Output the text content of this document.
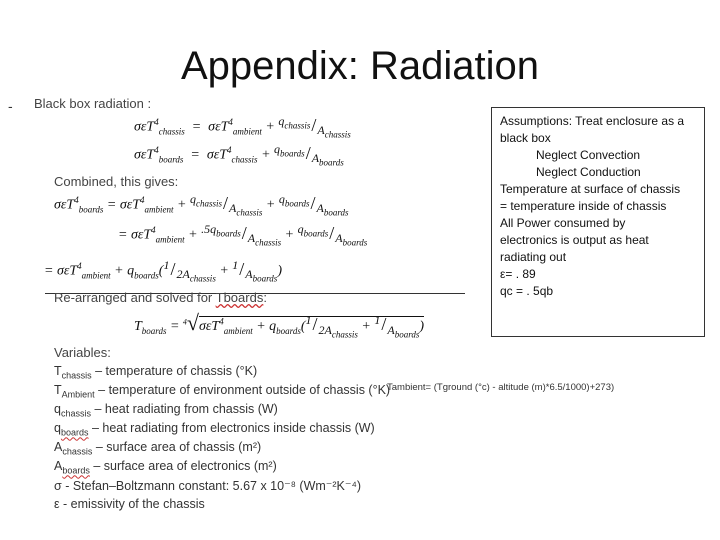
Appendix: Radiation
- Black box radiation :
$\sigma\varepsilon T^4_{chassis} = \sigma\varepsilon T^4_{ambient} + q_{chassis}/A_{chassis}$
$\sigma\varepsilon T^4_{boards} = \sigma\varepsilon T^4_{chassis} + q_{boards}/A_{boards}$
Combined, this gives:
$\sigma\varepsilon T^4_{boards} = \sigma\varepsilon T^4_{ambient} + q_{chassis}/A_{chassis} + q_{boards}/A_{boards}$
= $\sigma\varepsilon T^4_{ambient} + .5q_{boards}/A_{chassis} + q_{boards}/A_{boards}$
= $\sigma\varepsilon T^4_{ambient} + q_{boards}(1/2A_{chassis} + 1/A_{boards})$
Re-arranged and solved for Tboards:
$T_{boards} = ^4√\sigma\varepsilon T^4_{ambient} + q_{boards}(1/2A_{chassis} + 1/A_{boards})$
Variables:
$T_{chassis}$ – temperature of chassis (°K)
$T_{Ambient}$ – temperature of environment outside of chassis (°K)
Tambient= (Tground (°c) - altitude (m)*6.5/1000)+273)
$q_{chassis}$ – heat radiating from chassis (W)
$q_{boards}$ – heat radiating from electronics inside chassis (W)
$A_{chassis}$ – surface area of chassis (m²)
$A_{boards}$ – surface area of electronics (m²)
σ - Stefan–Boltzmann constant: 5.67 x 10⁻⁸ (Wm⁻²K⁻⁴)
ε - emissivity of the chassis
Assumptions: Treat enclosure as a
black box
Neglect Convection
Neglect Conduction
Temperature at surface of chassis
= temperature inside of chassis
All Power consumed by
electronics is output as heat
radiating out
ε= . 89
qc = . 5qb
